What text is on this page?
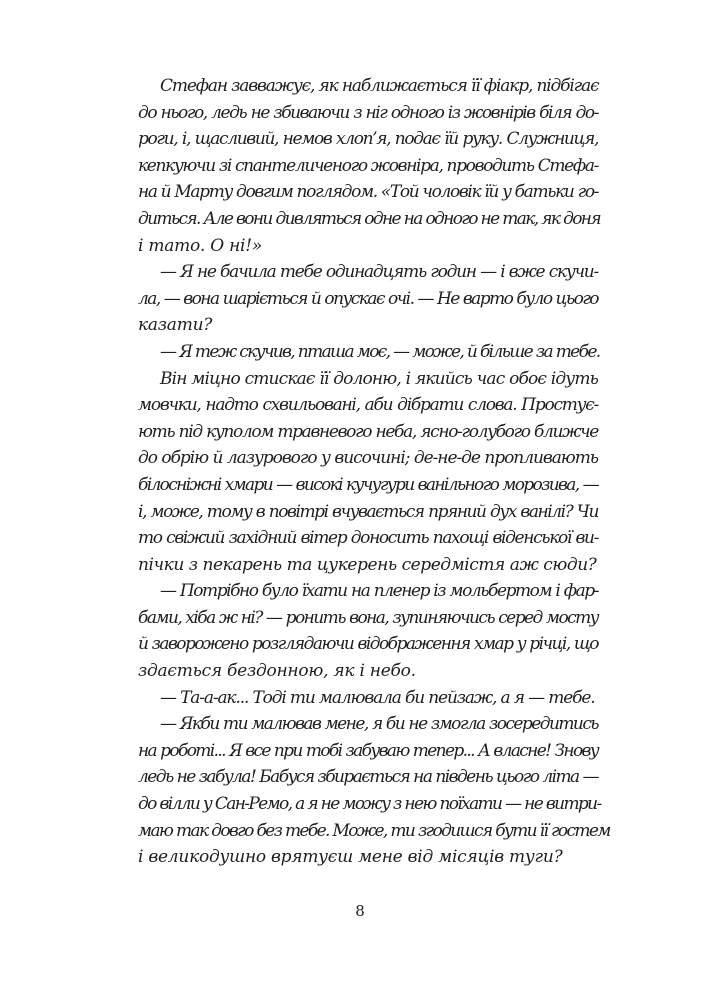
Стефан завважує, як наближається її фіакр, підбігає
до нього, ледь не збиваючи з ніг одного із жовнірів біля до-
роги, і, щасливий, немов хлоп’я, подає їй руку. Служниця,
кепкуючи зі спантеличеного жовніра, проводить Стефа-
на й Марту довгим поглядом. «Той чоловік їй у батьки го-
диться. Але вони дивляться одне на одного не так, як доня
і тато. О ні!»
— Я не бачила тебе одинадцять годин — і вже скучи-
ла, — вона шаріється й опускає очі. — Не варто було цього
казати?
— Я теж скучив, пташа моє, — може, й більше за тебе.
Він міцно стискає її долоню, і якийсь час обоє ідуть
мовчки, надто схвильовані, аби дібрати слова. Простує-
ють під куполом травневого неба, ясно-голубого ближче
до обрію й лазурового у височині; де-не-де пропливають
білосніжні хмари — високі кучугури ванільного морозива, —
і, може, тому в повітрі вчувається пряний дух ванілі? Чи
то свіжий західний вітер доносить пахощі віденської ви-
пічки з пекарень та цукерень середмістя аж сюди?
— Потрібно було їхати на пленер із мольбертом і фар-
бами, хіба ж ні? — ронить вона, зупиняючись серед мосту
й заворожено розглядаючи відображення хмар у річці, що
здається бездонною, як і небо.
— Та-а-ак... Тоді ти малювала би пейзаж, а я — тебе.
— Якби ти малював мене, я би не змогла зосередитись
на роботі... Я все при тобі забуваю тепер... А власне! Знову
ледь не забула! Бабуся збирається на південь цього літа —
до вілли у Сан-Ремо, а я не можу з нею поїхати — не витри-
маю так довго без тебе. Може, ти згодишся бути її гостем
і великодушно врятуєш мене від місяців туги?
8
